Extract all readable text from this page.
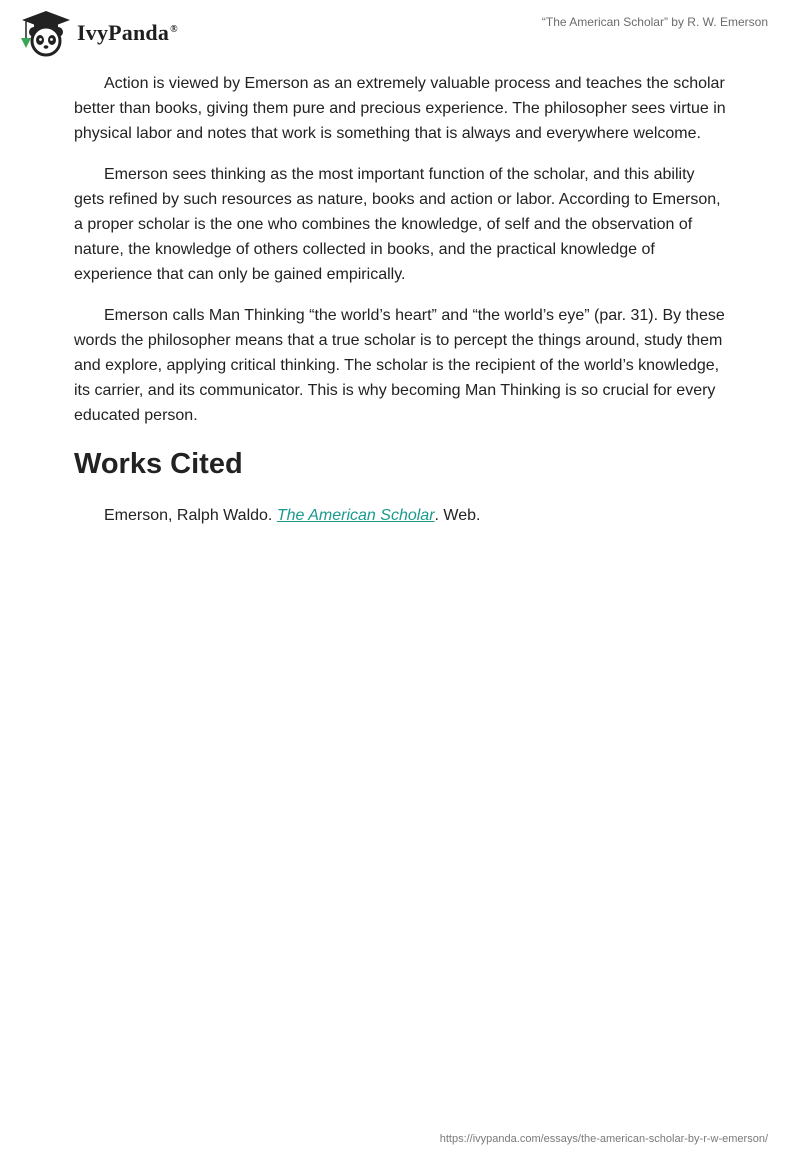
IvyPanda®
“The American Scholar” by R. W. Emerson

Action is viewed by Emerson as an extremely valuable process and teaches the scholar better than books, giving them pure and precious experience. The philosopher sees virtue in physical labor and notes that work is something that is always and everywhere welcome.

Emerson sees thinking as the most important function of the scholar, and this ability gets refined by such resources as nature, books and action or labor. According to Emerson, a proper scholar is the one who combines the knowledge, of self and the observation of nature, the knowledge of others collected in books, and the practical knowledge of experience that can only be gained empirically.

Emerson calls Man Thinking “the world’s heart” and “the world’s eye” (par. 31). By these words the philosopher means that a true scholar is to percept the things around, study them and explore, applying critical thinking. The scholar is the recipient of the world’s knowledge, its carrier, and its communicator. This is why becoming Man Thinking is so crucial for every educated person.

Works Cited

Emerson, Ralph Waldo. The American Scholar. Web.

https://ivypanda.com/essays/the-american-scholar-by-r-w-emerson/
